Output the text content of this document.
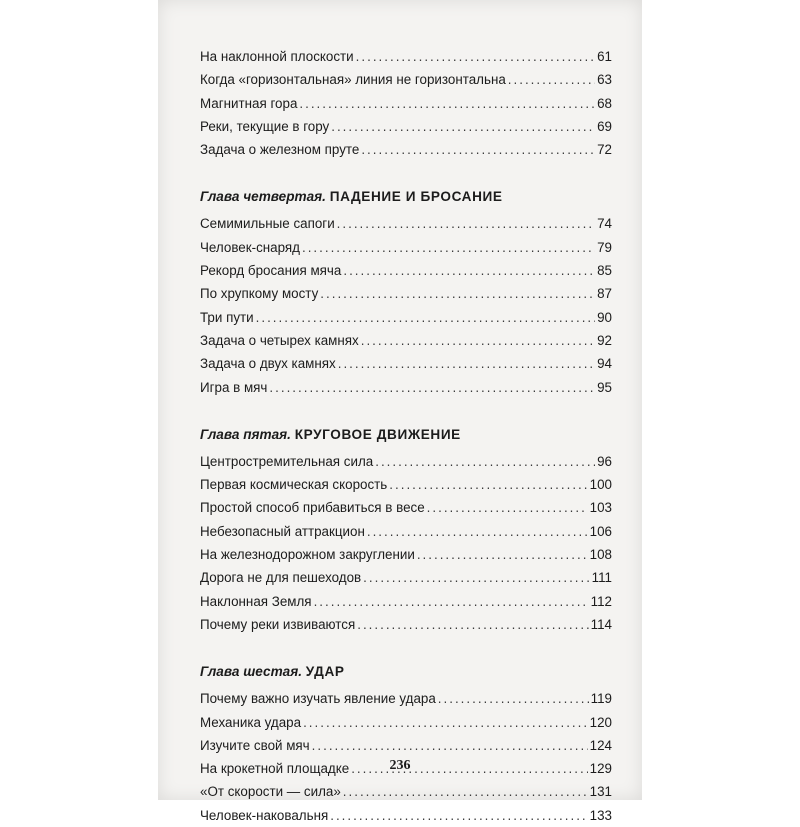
На наклонной плоскости .....	61
Когда «горизонтальная» линия не горизонтальна .....	63
Магнитная гора .....	68
Реки, текущие в гору .....	69
Задача о железном пруте .....	72
Глава четвертая. ПАДЕНИЕ И БРОСАНИЕ
Семимильные сапоги .....	74
Человек-снаряд .....	79
Рекорд бросания мяча .....	85
По хрупкому мосту .....	87
Три пути .....	90
Задача о четырех камнях .....	92
Задача о двух камнях .....	94
Игра в мяч .....	95
Глава пятая. КРУГОВОЕ ДВИЖЕНИЕ
Центростремительная сила .....	96
Первая космическая скорость .....	100
Простой способ прибавиться в весе .....	103
Небезопасный аттракцион .....	106
На железнодорожном закруглении .....	108
Дорога не для пешеходов .....	111
Наклонная Земля .....	112
Почему реки извиваются .....	114
Глава шестая. УДАР
Почему важно изучать явление удара .....	119
Механика удара .....	120
Изучите свой мяч .....	124
На крокетной площадке .....	129
«От скорости — сила» .....	131
Человек-наковальня .....	133
236
